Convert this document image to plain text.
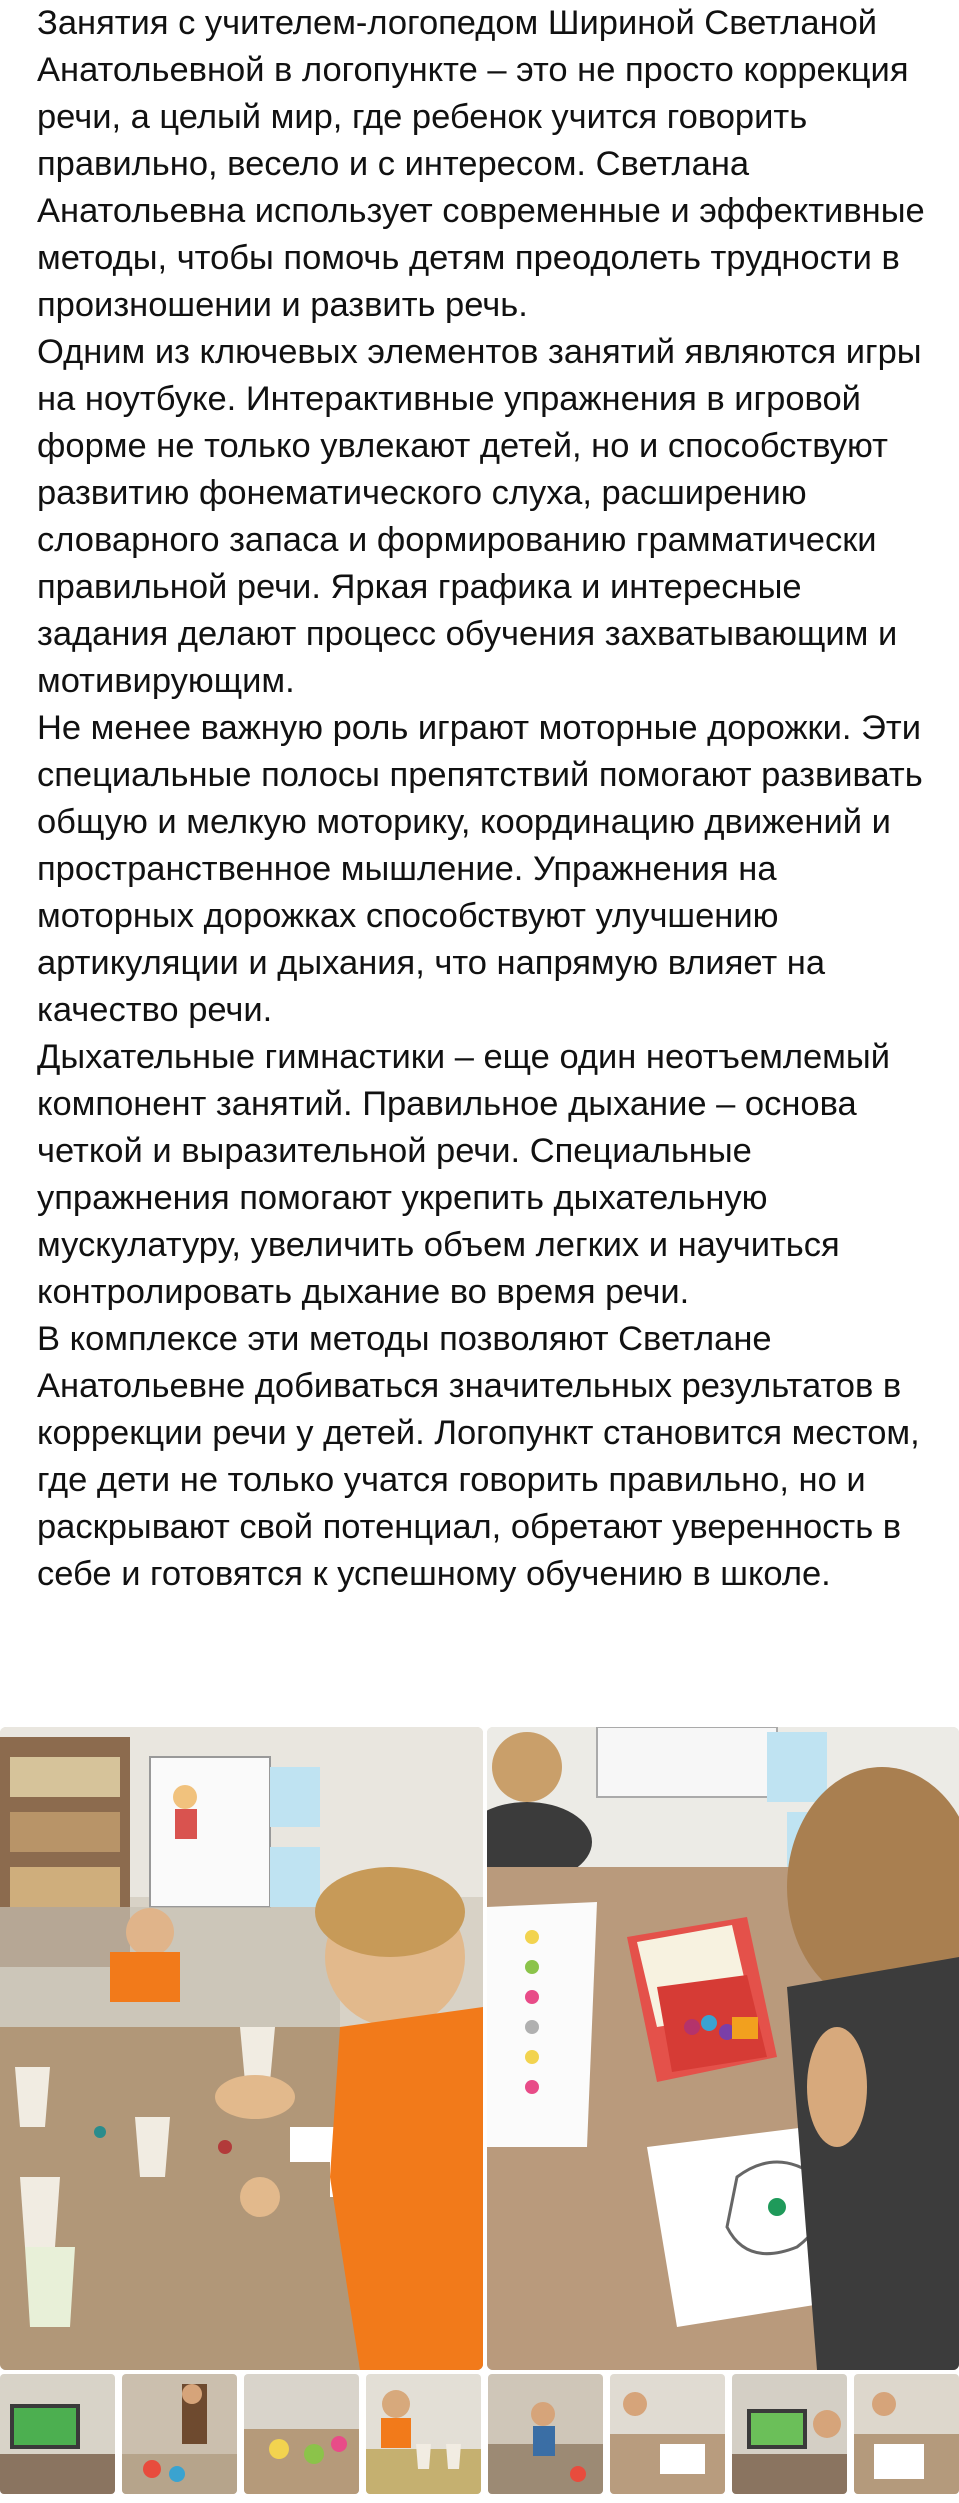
Занятия с учителем-логопедом Шириной Светланой Анатольевной в логопункте – это не просто коррекция речи, а целый мир, где ребенок учится говорить правильно, весело и с интересом. Светлана Анатольевна использует современные и эффективные методы, чтобы помочь детям преодолеть трудности в произношении и развить речь.

Одним из ключевых элементов занятий являются игры на ноутбуке. Интерактивные упражнения в игровой форме не только увлекают детей, но и способствуют развитию фонематического слуха, расширению словарного запаса и формированию грамматически правильной речи. Яркая графика и интересные задания делают процесс обучения захватывающим и мотивирующим.

Не менее важную роль играют моторные дорожки. Эти специальные полосы препятствий помогают развивать общую и мелкую моторику, координацию движений и пространственное мышление. Упражнения на моторных дорожках способствуют улучшению артикуляции и дыхания, что напрямую влияет на качество речи.

Дыхательные гимнастики – еще один неотъемлемый компонент занятий. Правильное дыхание – основа четкой и выразительной речи. Специальные упражнения помогают укрепить дыхательную мускулатуру, увеличить объем легких и научиться контролировать дыхание во время речи.

В комплексе эти методы позволяют Светлане Анатольевне добиваться значительных результатов в коррекции речи у детей. Логопункт становится местом, где дети не только учатся говорить правильно, но и раскрывают свой потенциал, обретают уверенность в себе и готовятся к успешному обучению в школе.
